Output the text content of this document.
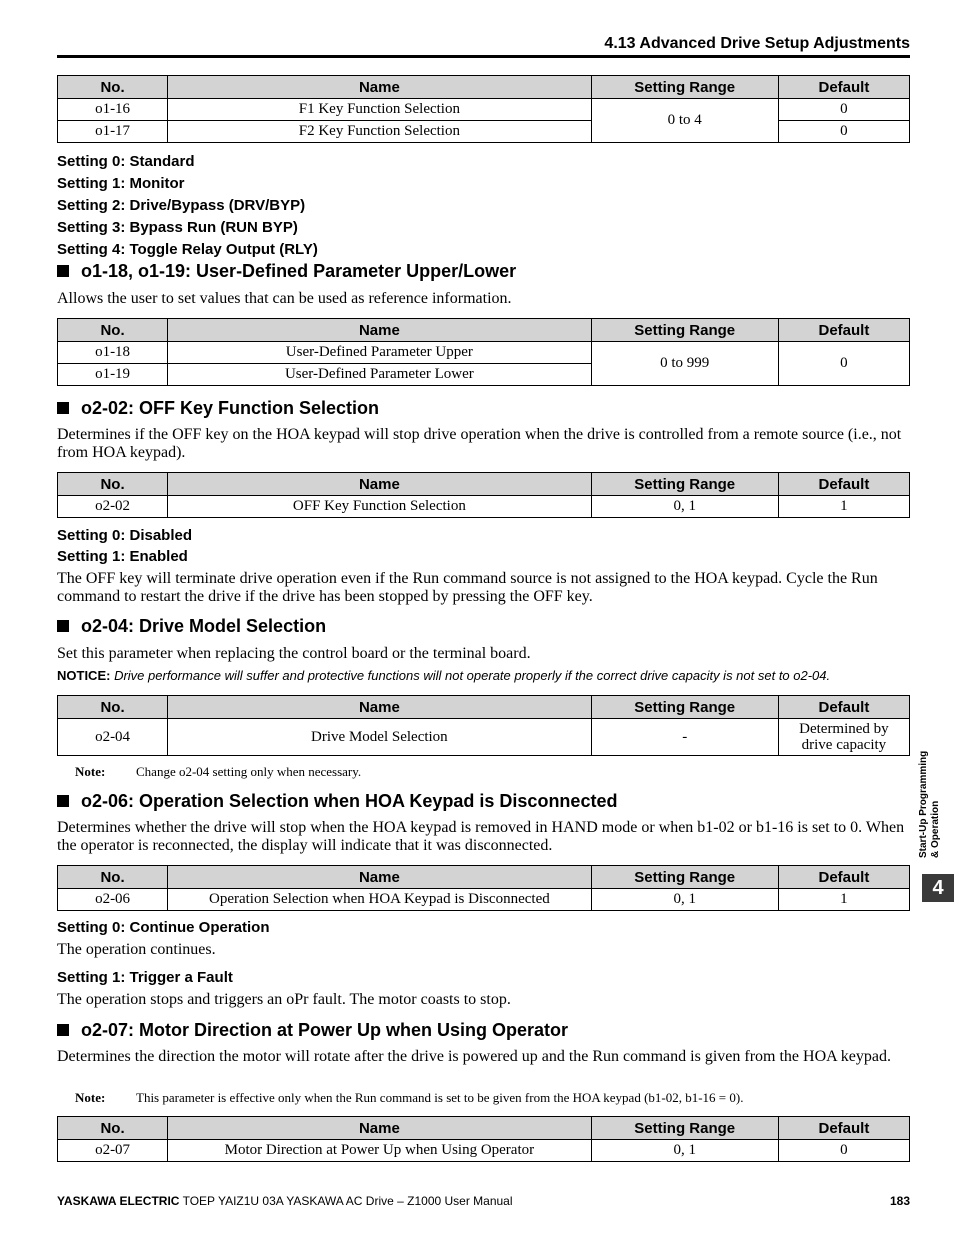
4.13 Advanced Drive Setup Adjustments
No.	Name	Setting Range	Default
o1-16	F1 Key Function Selection	0 to 4	0
o1-17	F2 Key Function Selection		0
Setting 0: Standard
Setting 1: Monitor
Setting 2: Drive/Bypass (DRV/BYP)
Setting 3: Bypass Run (RUN BYP)
Setting 4: Toggle Relay Output (RLY)
o1-18, o1-19: User-Defined Parameter Upper/Lower
Allows the user to set values that can be used as reference information.
No.	Name	Setting Range	Default
o1-18	User-Defined Parameter Upper	0 to 999	0
o1-19	User-Defined Parameter Lower		
o2-02: OFF Key Function Selection
Determines if the OFF key on the HOA keypad will stop drive operation when the drive is controlled from a remote source (i.e., not from HOA keypad).
No.	Name	Setting Range	Default
o2-02	OFF Key Function Selection	0, 1	1
Setting 0: Disabled
Setting 1: Enabled
The OFF key will terminate drive operation even if the Run command source is not assigned to the HOA keypad. Cycle the Run command to restart the drive if the drive has been stopped by pressing the OFF key.
o2-04: Drive Model Selection
Set this parameter when replacing the control board or the terminal board.
NOTICE: Drive performance will suffer and protective functions will not operate properly if the correct drive capacity is not set to o2-04.
No.	Name	Setting Range	Default
o2-04	Drive Model Selection	-	Determined by
drive capacity
Note: Change o2-04 setting only when necessary.
o2-06: Operation Selection when HOA Keypad is Disconnected
Determines whether the drive will stop when the HOA keypad is removed in HAND mode or when b1-02 or b1-16 is set to 0. When the operator is reconnected, the display will indicate that it was disconnected.
No.	Name	Setting Range	Default
o2-06	Operation Selection when HOA Keypad is Disconnected	0, 1	1
Setting 0: Continue Operation
The operation continues.
Setting 1: Trigger a Fault
The operation stops and triggers an oPr fault. The motor coasts to stop.
o2-07: Motor Direction at Power Up when Using Operator
Determines the direction the motor will rotate after the drive is powered up and the Run command is given from the HOA keypad.
Note: This parameter is effective only when the Run command is set to be given from the HOA keypad (b1-02, b1-16 = 0).
No.	Name	Setting Range	Default
o2-07	Motor Direction at Power Up when Using Operator	0, 1	0
Start-Up Programming & Operation
4
YASKAWA ELECTRIC TOEP YAIZ1U 03A YASKAWA AC Drive – Z1000 User Manual	183
